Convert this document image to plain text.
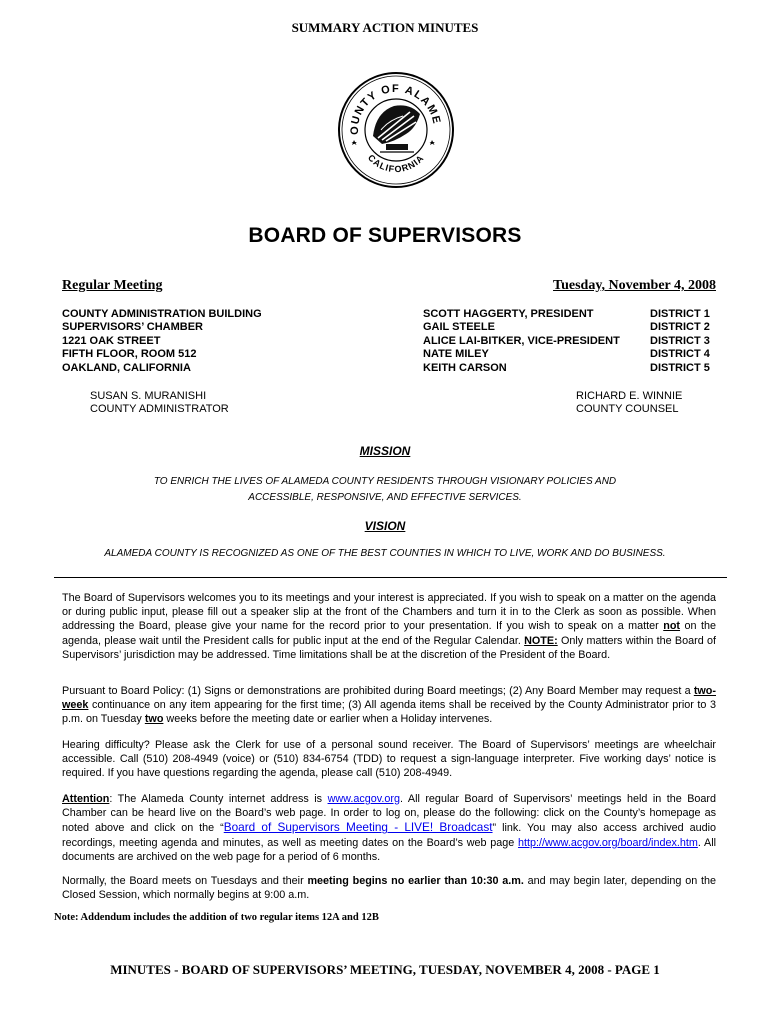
SUMMARY ACTION MINUTES
OUNTY OF ALAME
CALIFORNIA
BOARD OF SUPERVISORS
Regular Meeting	Tuesday, November 4, 2008
COUNTY ADMINISTRATION BUILDING
SUPERVISORS’ CHAMBER
1221 OAK STREET
FIFTH FLOOR, ROOM 512
OAKLAND, CALIFORNIA
SCOTT HAGGERTY, PRESIDENT
GAIL STEELE
ALICE LAI-BITKER, VICE-PRESIDENT
NATE MILEY
KEITH CARSON
DISTRICT 1
DISTRICT 2
DISTRICT 3
DISTRICT 4
DISTRICT 5
SUSAN S. MURANISHI
COUNTY ADMINISTRATOR
RICHARD E. WINNIE
COUNTY COUNSEL
MISSION
TO ENRICH THE LIVES OF ALAMEDA COUNTY RESIDENTS THROUGH VISIONARY POLICIES AND
ACCESSIBLE, RESPONSIVE, AND EFFECTIVE SERVICES.
VISION
ALAMEDA COUNTY IS RECOGNIZED AS ONE OF THE BEST COUNTIES IN WHICH TO LIVE, WORK AND DO BUSINESS.
The Board of Supervisors welcomes you to its meetings and your interest is appreciated. If you wish to speak on a matter on the agenda or during public input, please fill out a speaker slip at the front of the Chambers and turn it in to the Clerk as soon as possible. When addressing the Board, please give your name for the record prior to your presentation. If you wish to speak on a matter not on the agenda, please wait until the President calls for public input at the end of the Regular Calendar. NOTE: Only matters within the Board of Supervisors’ jurisdiction may be addressed. Time limitations shall be at the discretion of the President of the Board.
Pursuant to Board Policy: (1) Signs or demonstrations are prohibited during Board meetings; (2) Any Board Member may request a two-week continuance on any item appearing for the first time; (3) All agenda items shall be received by the County Administrator prior to 3 p.m. on Tuesday two weeks before the meeting date or earlier when a Holiday intervenes.
Hearing difficulty? Please ask the Clerk for use of a personal sound receiver. The Board of Supervisors’ meetings are wheelchair accessible. Call (510) 208-4949 (voice) or (510) 834-6754 (TDD) to request a sign-language interpreter. Five working days’ notice is required. If you have questions regarding the agenda, please call (510) 208-4949.
Attention: The Alameda County internet address is www.acgov.org. All regular Board of Supervisors’ meetings held in the Board Chamber can be heard live on the Board’s web page. In order to log on, please do the following: click on the County’s homepage as noted above and click on the “Board of Supervisors Meeting - LIVE! Broadcast” link. You may also access archived audio recordings, meeting agenda and minutes, as well as meeting dates on the Board’s web page http://www.acgov.org/board/index.htm. All documents are archived on the web page for a period of 6 months.
Normally, the Board meets on Tuesdays and their meeting begins no earlier than 10:30 a.m. and may begin later, depending on the Closed Session, which normally begins at 9:00 a.m.
Note: Addendum includes the addition of two regular items 12A and 12B
MINUTES - BOARD OF SUPERVISORS’ MEETING, TUESDAY, NOVEMBER 4, 2008 - PAGE 1
